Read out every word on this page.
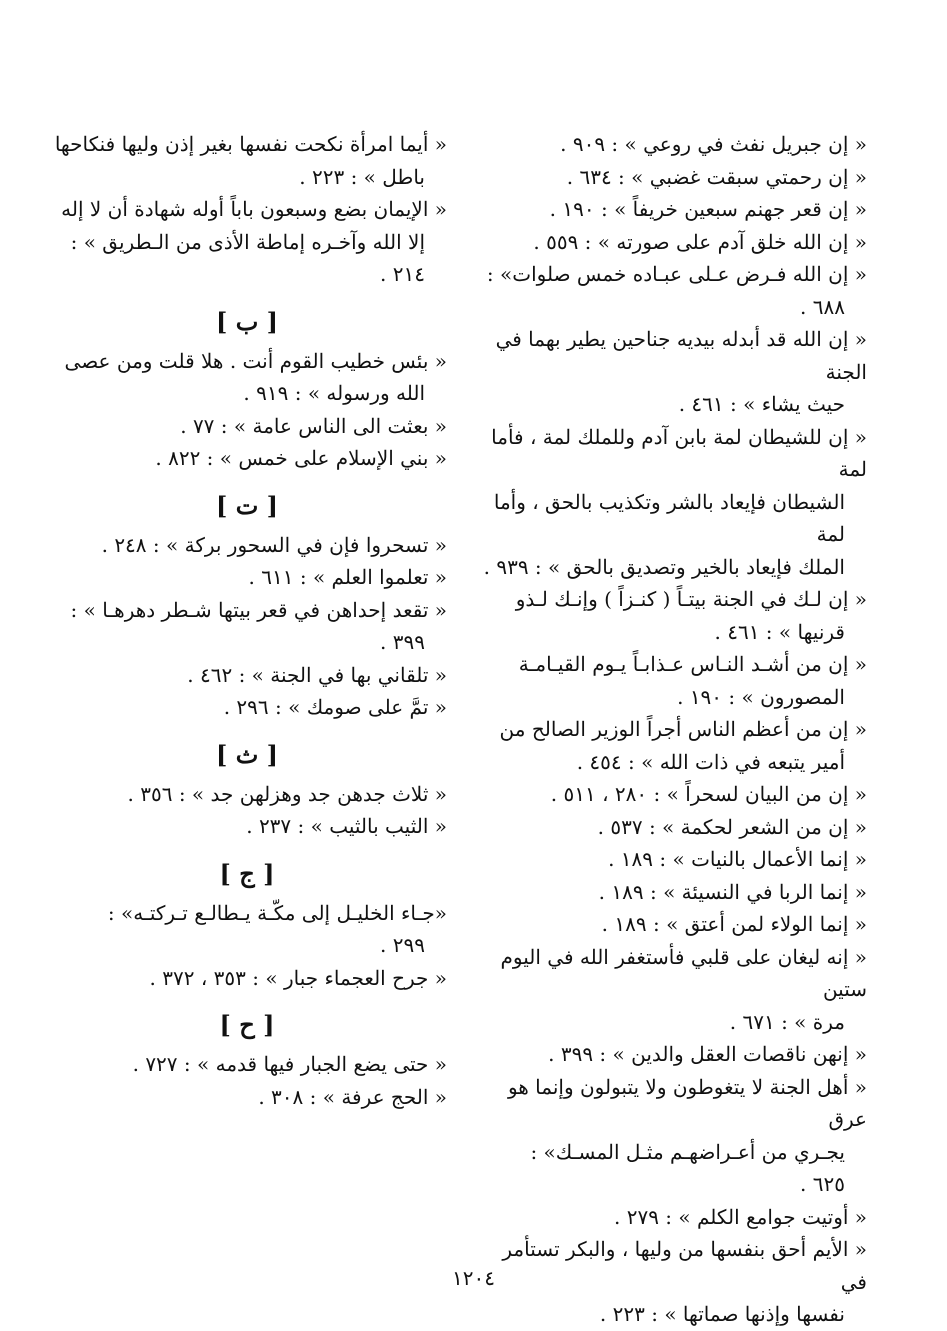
« إن جبريل نفث في روعي » : ٩٠٩ .
« إن رحمتي سبقت غضبي » : ٦٣٤ .
« إن قعر جهنم سبعين خريفاً » : ١٩٠ .
« إن الله خلق آدم على صورته » : ٥٥٩ .
« إن الله فـرض عـلى عبـاده خمس صلوات» :
٦٨٨ .
« إن الله قد أبدله بيديه جناحين يطير بهما في الجنة
حيث يشاء » : ٤٦١ .
« إن للشيطان لمة بابن آدم وللملك لمة ، فأما لمة
الشيطان فإيعاد بالشر وتكذيب بالحق ، وأما لمة
الملك فإيعاد بالخير وتصديق بالحق » : ٩٣٩ .
« إن لـك في الجنة بيتـاً ( كنـزاً ) وإنـك لـذو
قرنيها » : ٤٦١ .
« إن من أشـد النـاس عـذابـاً يـوم القيـامـة
المصورون » : ١٩٠ .
« إن من أعظم الناس أجراً الوزير الصالح من
أمير يتبعه في ذات الله » : ٤٥٤ .
« إن من البيان لسحراً » : ٢٨٠ ، ٥١١ .
« إن من الشعر لحكمة » : ٥٣٧ .
« إنما الأعمال بالنيات » : ١٨٩ .
« إنما الربا في النسيئة » : ١٨٩ .
« إنما الولاء لمن أعتق » : ١٨٩ .
« إنه ليغان على قلبي فأستغفر الله في اليوم ستين
مرة » : ٦٧١ .
« إنهن ناقصات العقل والدين » : ٣٩٩ .
« أهل الجنة لا يتغوطون ولا يتبولون وإنما هو عرق
يجـري من أعـراضهـم مثـل المسـك» :
٦٢٥ .
« أوتيت جوامع الكلم » : ٢٧٩ .
« الأيم أحق بنفسها من وليها ، والبكر تستأمر في
نفسها وإذنها صماتها » : ٢٢٣ .
« أيما امرأة نكحت نفسها بغير إذن وليها فنكاحها
باطل » : ٢٢٣ .
« الإيمان بضع وسبعون باباً أوله شهادة أن لا إله
إلا الله وآخـره إماطة الأذى من الـطريق » :
٢١٤ .
[ ب ]
« بئس خطيب القوم أنت . هلا قلت ومن عصى
الله ورسوله » : ٩١٩ .
« بعثت الى الناس عامة » : ٧٧ .
« بني الإسلام على خمس » : ٨٢٢ .
[ ت ]
« تسحروا فإن في السحور بركة » : ٢٤٨ .
« تعلموا العلم » : ٦١١ .
« تقعد إحداهن في قعر بيتها شـطر دهرهـا » :
٣٩٩ .
« تلقاني بها في الجنة » : ٤٦٢ .
« تمَّ على صومك » : ٢٩٦ .
[ ث ]
« ثلاث جدهن جد وهزلهن جد » : ٣٥٦ .
« الثيب بالثيب » : ٢٣٧ .
[ ج ]
«جـاء الخليـل إلى مكّـة يـطالـع تـركتـه» :
٢٩٩ .
« جرح العجماء جبار » : ٣٥٣ ، ٣٧٢ .
[ ح ]
« حتى يضع الجبار فيها قدمه » : ٧٢٧ .
« الحج عرفة » : ٣٠٨ .
١٢٠٤
